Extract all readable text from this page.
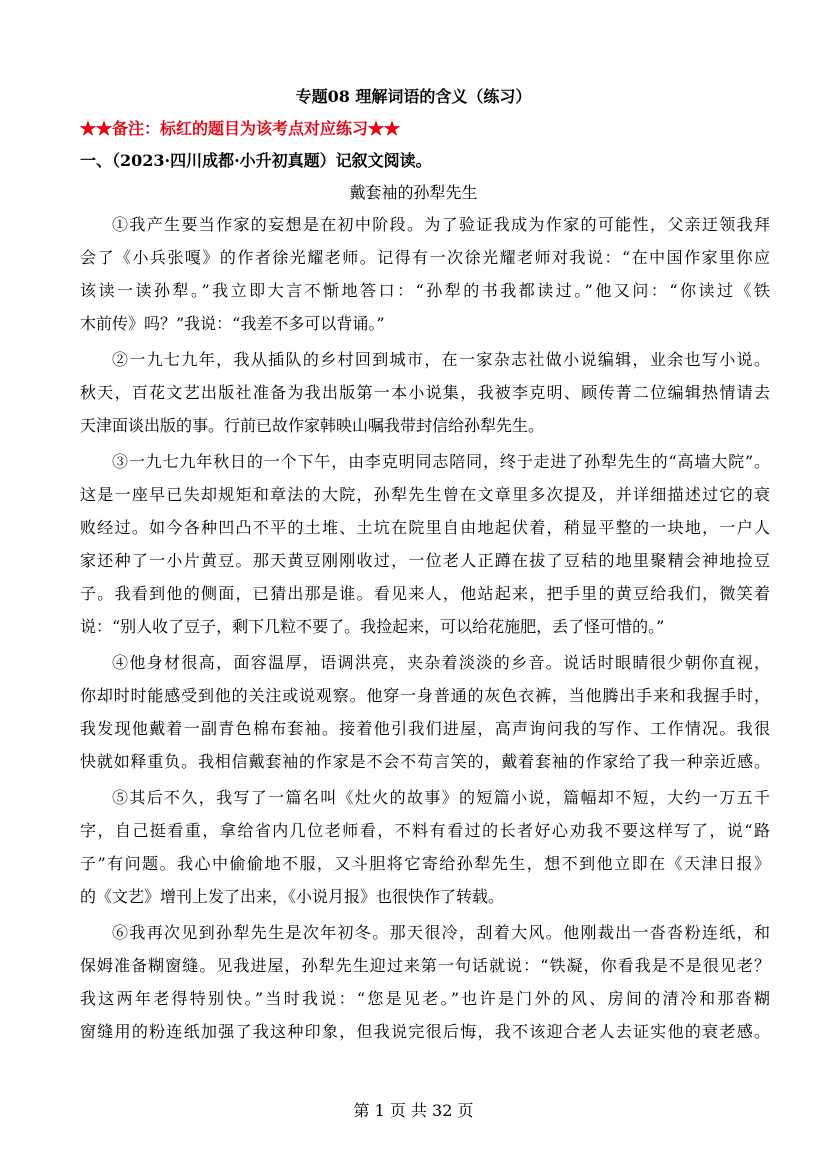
专题08 理解词语的含义（练习）
★★备注：标红的题目为该考点对应练习★★
一、（2023·四川成都·小升初真题）记叙文阅读。
戴套袖的孙犁先生
①我产生要当作家的妄想是在初中阶段。为了验证我成为作家的可能性，父亲迂领我拜
会了《小兵张嘎》的作者徐光耀老师。记得有一次徐光耀老师对我说：“在中国作家里你应
该读一读孙犁。”我立即大言不惭地答口：“孙犁的书我都读过。”他又问：“你读过《铁
木前传》吗？”我说：“我差不多可以背诵。”
②一九七九年，我从插队的乡村回到城市，在一家杂志社做小说编辑，业余也写小说。
秋天，百花文艺出版社准备为我出版第一本小说集，我被李克明、顾传菁二位编辑热情请去
天津面谈出版的事。行前已故作家韩映山嘱我带封信给孙犁先生。
③一九七九年秋日的一个下午，由李克明同志陪同，终于走进了孙犁先生的“高墙大院”。
这是一座早已失却规矩和章法的大院，孙犁先生曾在文章里多次提及，并详细描述过它的衰
败经过。如今各种凹凸不平的土堆、土坑在院里自由地起伏着，稍显平整的一块地，一户人
家还种了一小片黄豆。那天黄豆刚刚收过，一位老人正蹲在拔了豆秸的地里聚精会神地捡豆
子。我看到他的侧面，已猜出那是谁。看见来人，他站起来，把手里的黄豆给我们，微笑着
说：“别人收了豆子，剩下几粒不要了。我捡起来，可以给花施肥，丢了怪可惜的。”
④他身材很高，面容温厚，语调洪亮，夹杂着淡淡的乡音。说话时眼睛很少朝你直视，
你却时时能感受到他的关注或说观察。他穿一身普通的灰色衣裤，当他腾出手来和我握手时，
我发现他戴着一副青色棉布套袖。接着他引我们进屋，高声询问我的写作、工作情况。我很
快就如释重负。我相信戴套袖的作家是不会不苟言笑的，戴着套袖的作家给了我一种亲近感。
⑤其后不久，我写了一篇名叫《灶火的故事》的短篇小说，篇幅却不短，大约一万五千
字，自己挺看重，拿给省内几位老师看，不料有看过的长者好心劝我不要这样写了，说“路
子”有问题。我心中偷偷地不服，又斗胆将它寄给孙犁先生，想不到他立即在《天津日报》
的《文艺》增刊上发了出来，《小说月报》也很快作了转载。
⑥我再次见到孙犁先生是次年初冬。那天很冷，刮着大风。他刚裁出一沓沓粉连纸，和
保姆准备糊窗缝。见我进屋，孙犁先生迎过来第一句话就说：“铁凝，你看我是不是很见老？
我这两年老得特别快。”当时我说：“您是见老。”也许是门外的风、房间的清冷和那沓糊
窗缝用的粉连纸加强了我这种印象，但我说完很后悔，我不该迎合老人去证实他的衰老感。
第 1 页 共 32 页
